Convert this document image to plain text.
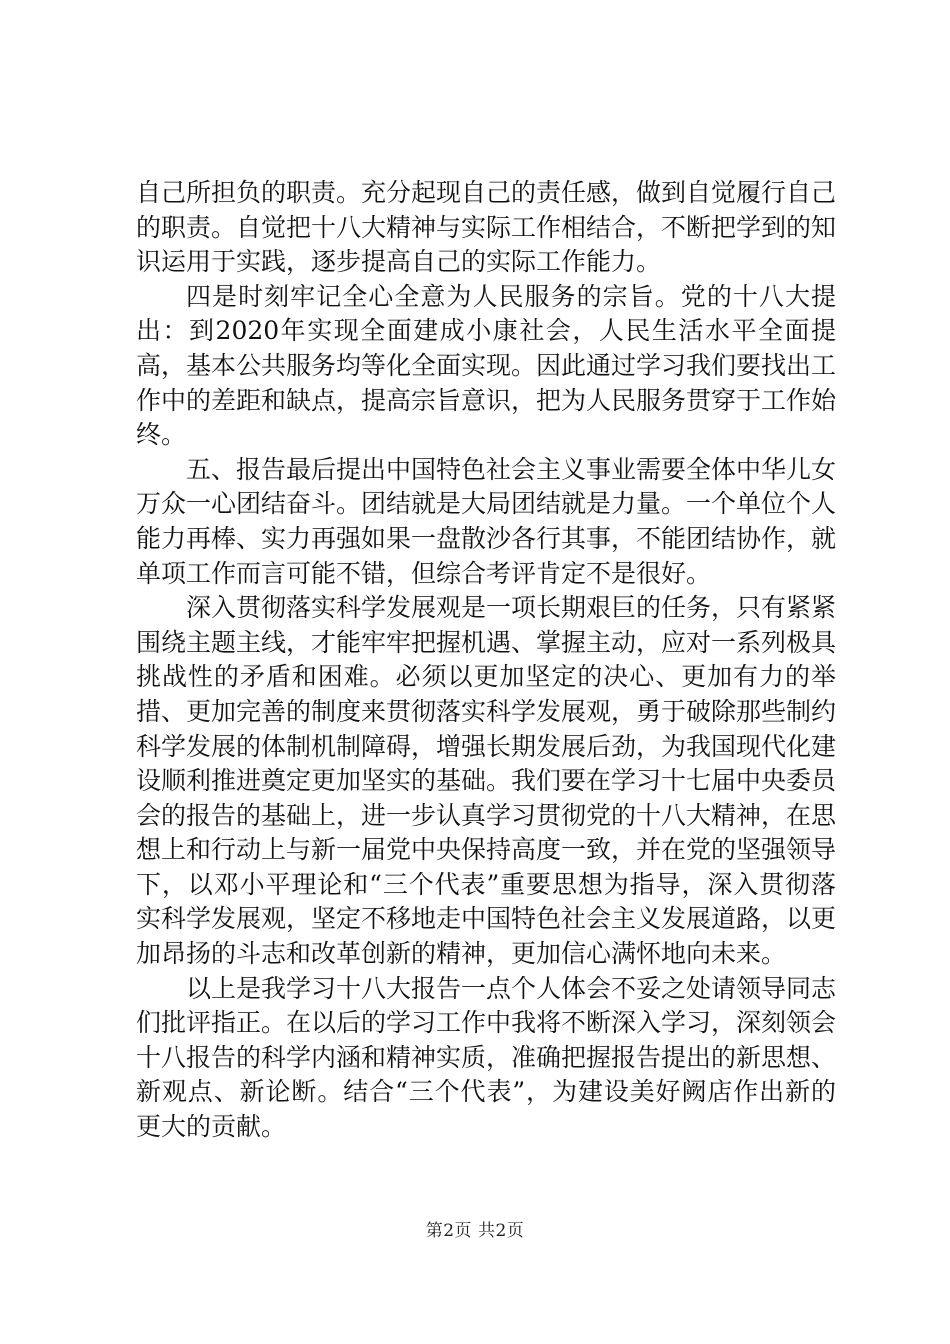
自己所担负的职责。充分起现自己的责任感，做到自觉履行自己的职责。自觉把十八大精神与实际工作相结合，不断把学到的知识运用于实践，逐步提高自己的实际工作能力。

四是时刻牢记全心全意为人民服务的宗旨。党的十八大提出：到2020年实现全面建成小康社会，人民生活水平全面提高，基本公共服务均等化全面实现。因此通过学习我们要找出工作中的差距和缺点，提高宗旨意识，把为人民服务贯穿于工作始终。

五、报告最后提出中国特色社会主义事业需要全体中华儿女万众一心团结奋斗。团结就是大局团结就是力量。一个单位个人能力再棒、实力再强如果一盘散沙各行其事，不能团结协作，就单项工作而言可能不错，但综合考评肯定不是很好。

深入贯彻落实科学发展观是一项长期艰巨的任务，只有紧紧围绕主题主线，才能牢牢把握机遇、掌握主动，应对一系列极具挑战性的矛盾和困难。必须以更加坚定的决心、更加有力的举措、更加完善的制度来贯彻落实科学发展观，勇于破除那些制约科学发展的体制机制障碍，增强长期发展后劲，为我国现代化建设顺利推进奠定更加坚实的基础。我们要在学习十七届中央委员会的报告的基础上，进一步认真学习贯彻党的十八大精神，在思想上和行动上与新一届党中央保持高度一致，并在党的坚强领导下，以邓小平理论和“三个代表”重要思想为指导，深入贯彻落实科学发展观，坚定不移地走中国特色社会主义发展道路，以更加昂扬的斗志和改革创新的精神，更加信心满怀地向未来。

以上是我学习十八大报告一点个人体会不妥之处请领导同志们批评指正。在以后的学习工作中我将不断深入学习，深刻领会十八报告的科学内涵和精神实质，准确把握报告提出的新思想、新观点、新论断。结合“三个代表”，为建设美好阙店作出新的更大的贡献。

第2页 共2页
